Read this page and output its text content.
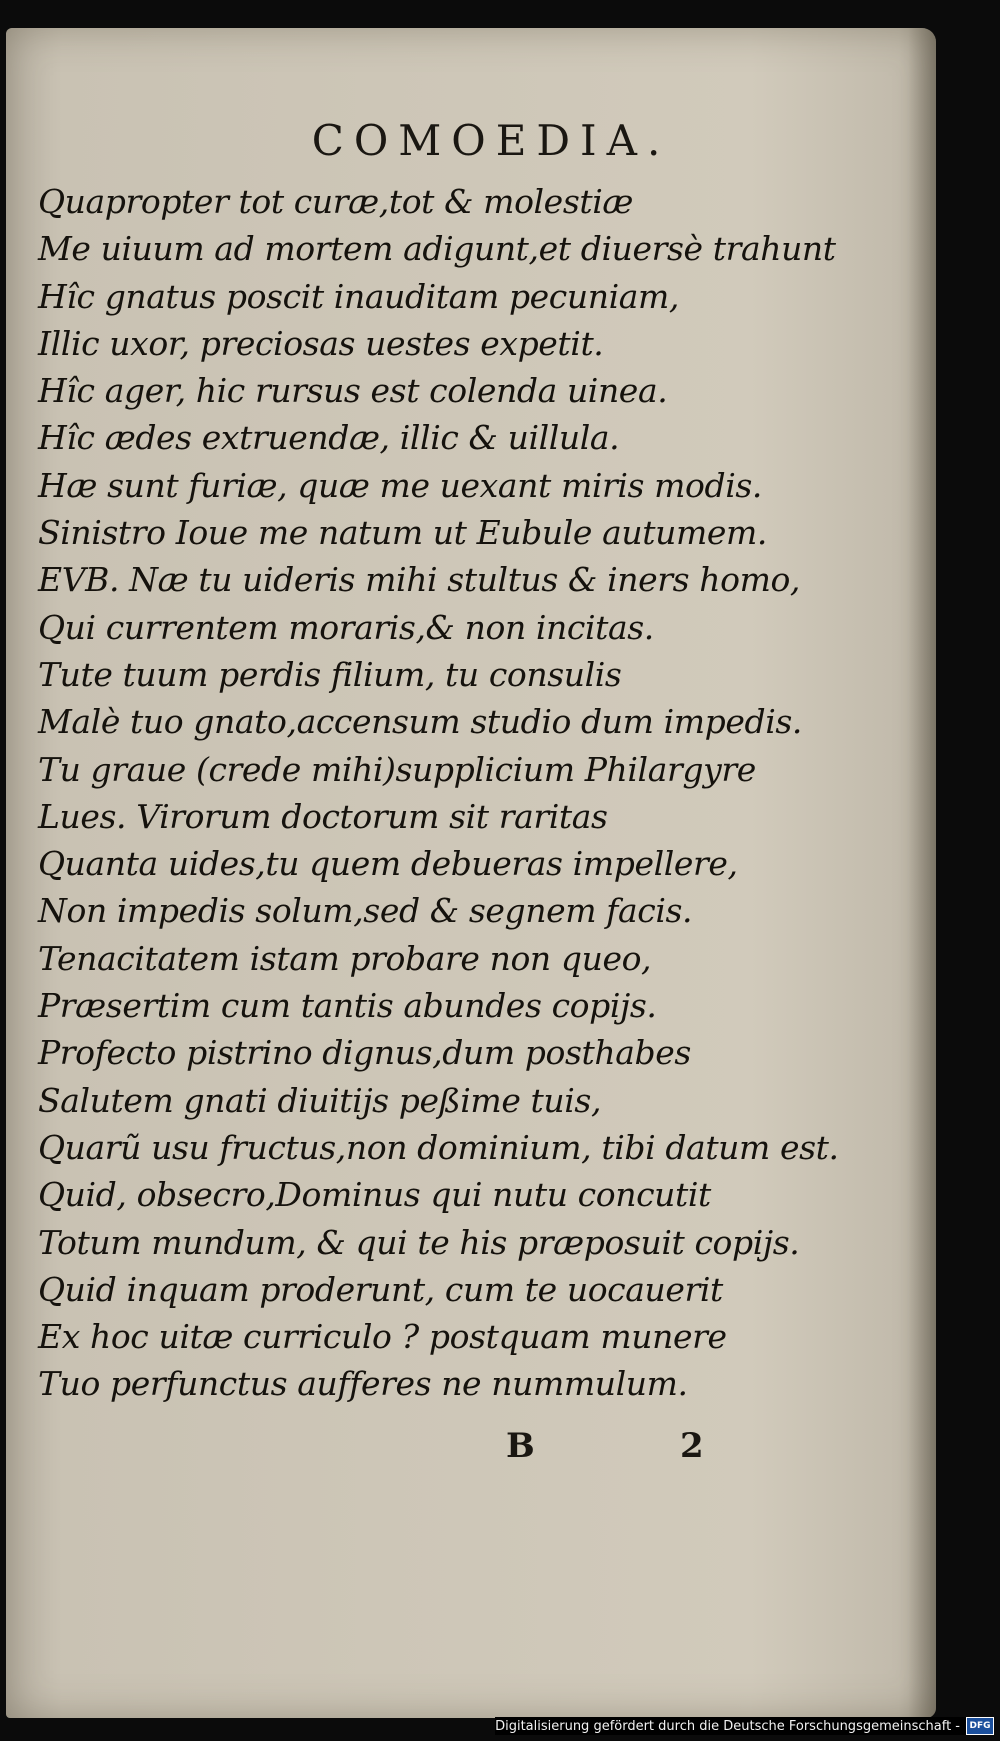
COMOEDIA.
Quapropter tot curæ,tot & molestiæ
Me uiuum ad mortem adigunt,et diuersè trahunt
Hîc gnatus poscit inauditam pecuniam,
Illic uxor, preciosas uestes expetit.
Hîc ager, hic rursus est colenda uinea.
Hîc ædes extruendæ, illic & uillula.
Hæ sunt furiæ, quæ me uexant miris modis.
Sinistro Ioue me natum ut Eubule autumem.
EVB. Næ tu uideris mihi stultus & iners homo,
Qui currentem moraris,& non incitas.
Tute tuum perdis filium, tu consulis
Malè tuo gnato,accensum studio dum impedis.
Tu graue (crede mihi)supplicium Philargyre
Lues. Virorum doctorum sit raritas
Quanta uides,tu quem debueras impellere,
Non impedis solum,sed & segnem facis.
Tenacitatem istam probare non queo,
Præsertim cum tantis abundes copijs.
Profecto pistrino dignus,dum posthabes
Salutem gnati diuitijs peßime tuis,
Quarũ usu fructus,non dominium, tibi datum est.
Quid, obsecro,Dominus qui nutu concutit
Totum mundum, & qui te his præposuit copijs.
Quid inquam proderunt, cum te uocauerit
Ex hoc uitæ curriculo ? postquam munere
Tuo perfunctus aufferes ne nummulum.
B	2
Digitalisierung gefördert durch die Deutsche Forschungsgemeinschaft -	DFG
